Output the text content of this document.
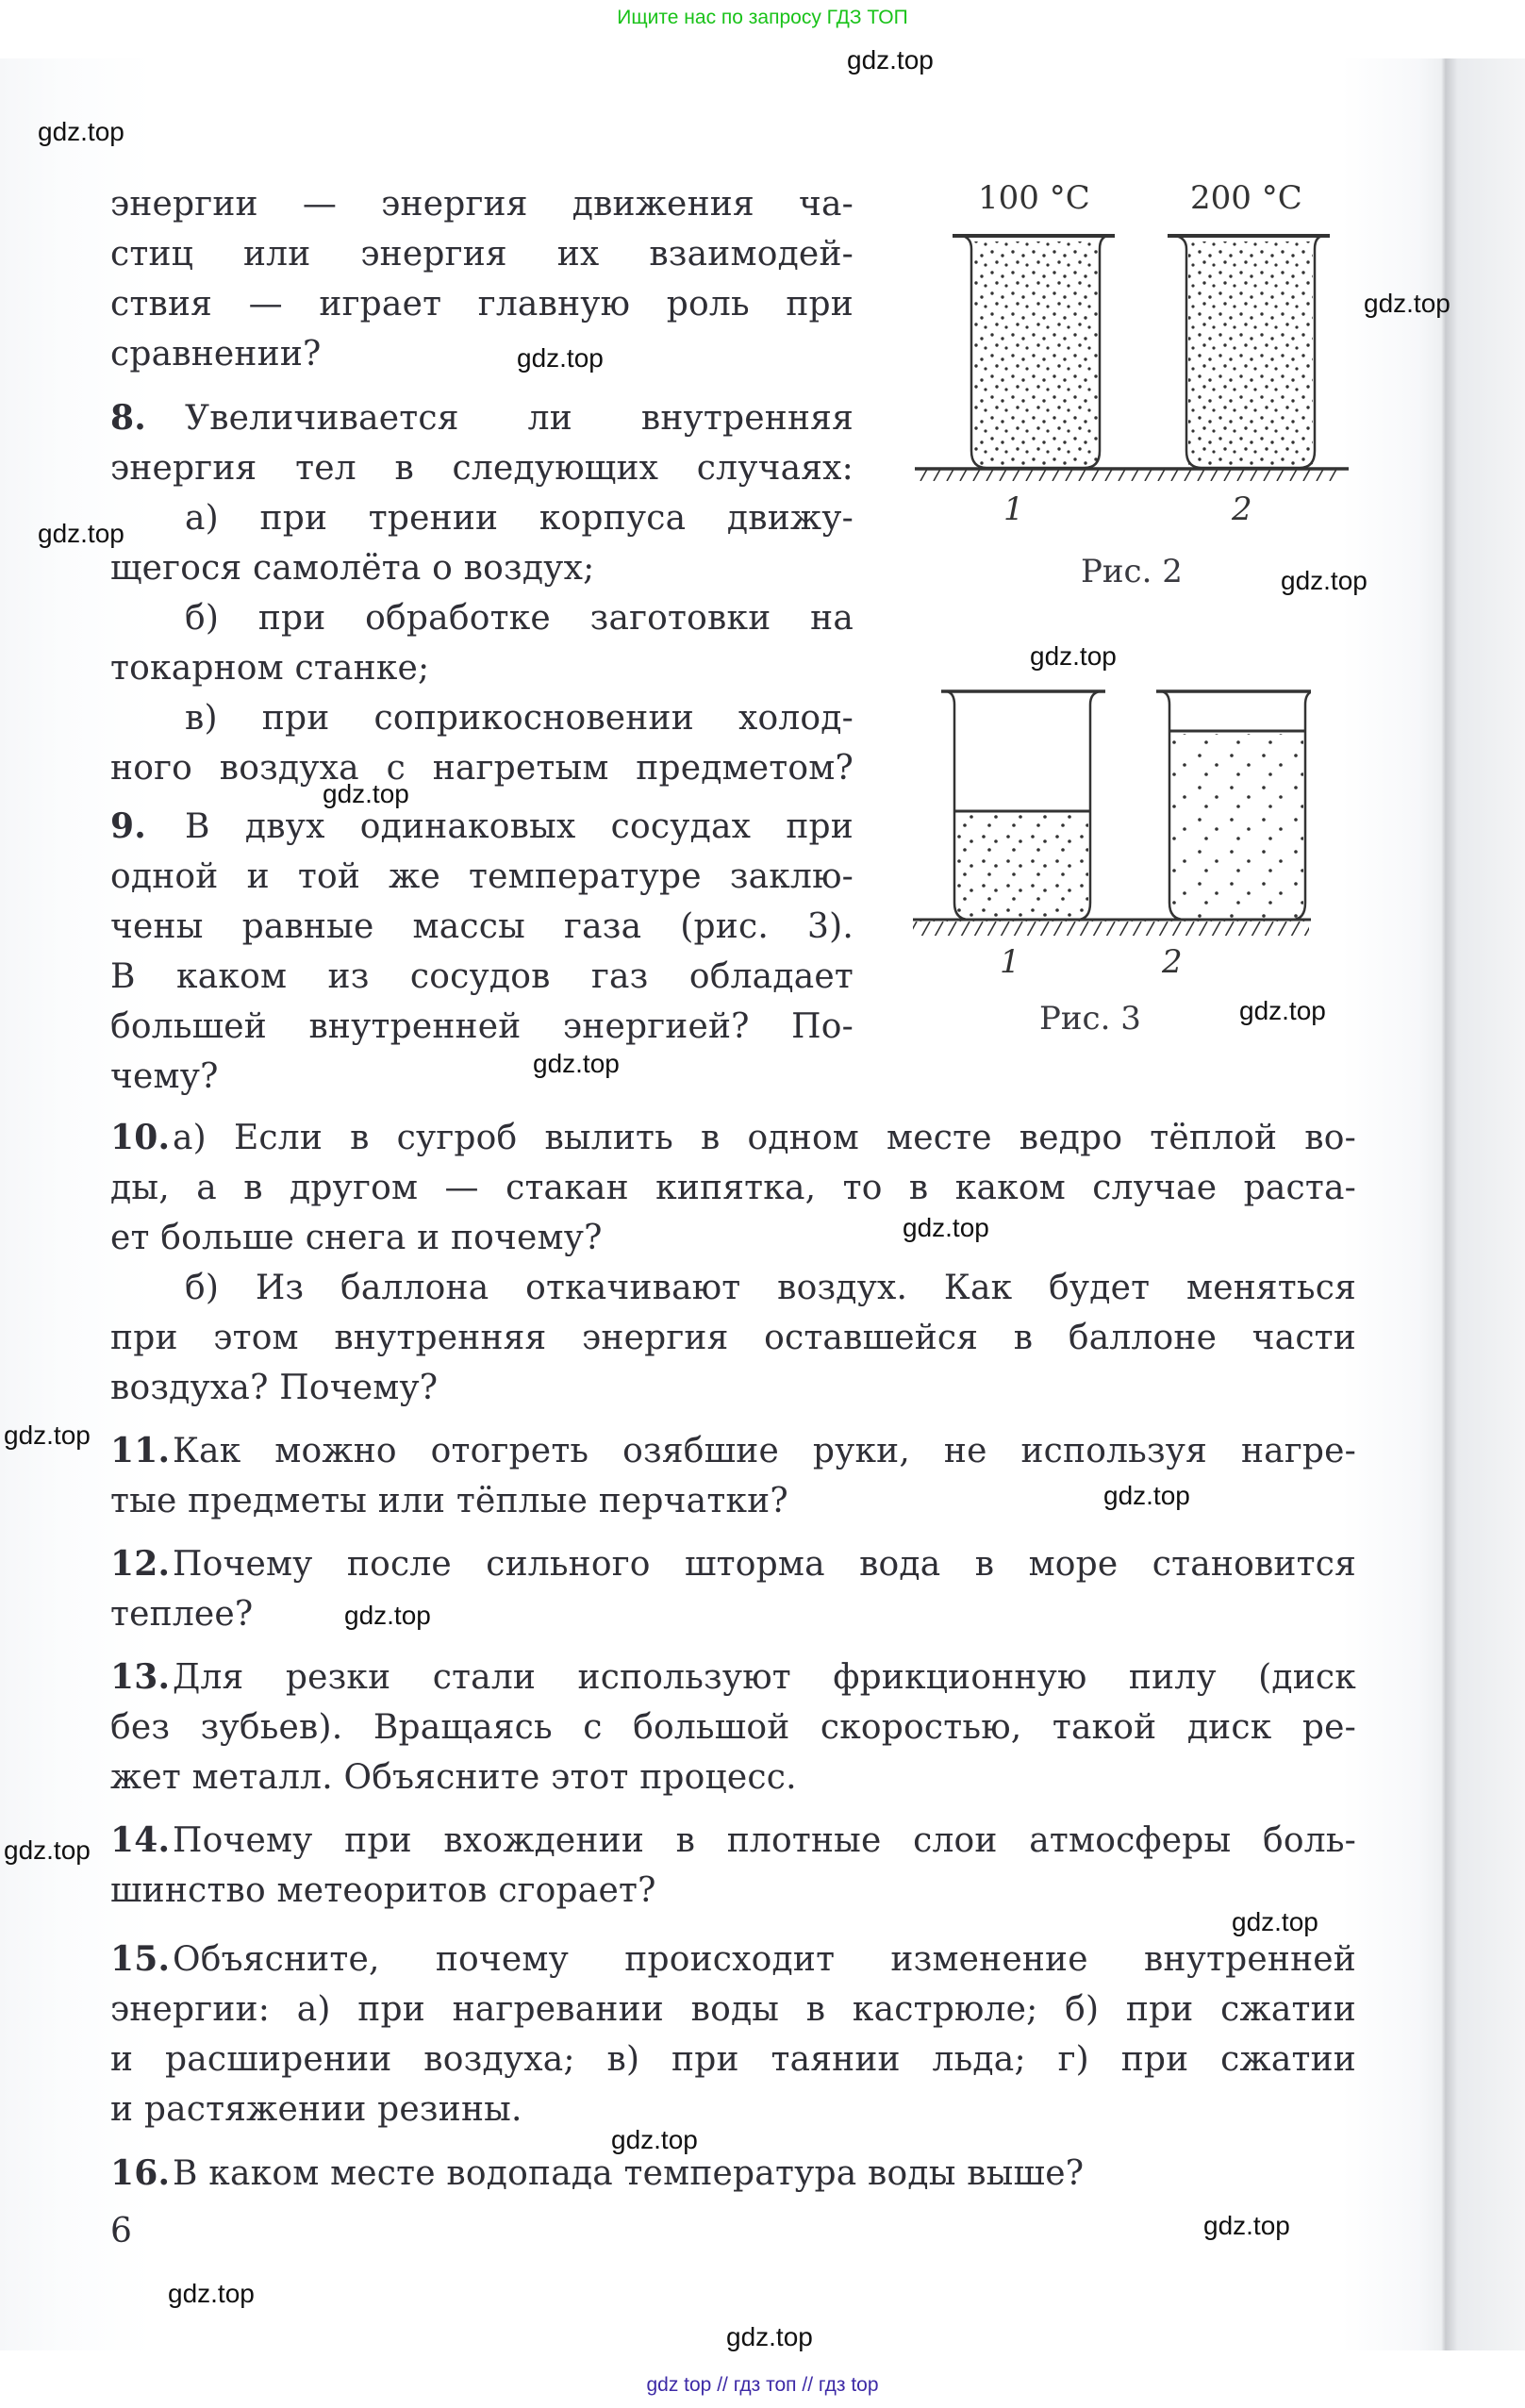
Ищите нас по запросу ГДЗ ТОП
gdz.top
gdz.top
gdz.top
gdz.top
gdz.top
gdz.top
gdz.top
gdz.top
gdz.top
gdz.top
gdz.top
gdz.top
gdz.top
gdz.top
gdz.top
gdz.top
gdz.top
gdz.top
gdz.top
gdz.top
энергии — энергия движения ча-
стиц или энергия их взаимодей-
ствия — играет главную роль при
сравнении?
8. Увеличивается ли внутренняя
энергия тел в следующих случаях:
а) при трении корпуса движу-
щегося самолёта о воздух;
б) при обработке заготовки на
токарном станке;
в) при соприкосновении холод-
ного воздуха с нагретым предметом?
9. В двух одинаковых сосудах при
одной и той же температуре заклю-
чены равные массы газа (рис. 3).
В каком из сосудов газ обладает
большей внутренней энергией? По-
чему?
10. а) Если в сугроб вылить в одном месте ведро тёплой во-
ды, а в другом — стакан кипятка, то в каком случае раста-
ет больше снега и почему?
б) Из баллона откачивают воздух. Как будет меняться
при этом внутренняя энергия оставшейся в баллоне части
воздуха? Почему?
11. Как можно отогреть озябшие руки, не используя нагре-
тые предметы или тёплые перчатки?
12. Почему после сильного шторма вода в море становится
теплее?
13. Для резки стали используют фрикционную пилу (диск
без зубьев). Вращаясь с большой скоростью, такой диск ре-
жет металл. Объясните этот процесс.
14. Почему при вхождении в плотные слои атмосферы боль-
шинство метеоритов сгорает?
15. Объясните, почему происходит изменение внутренней
энергии: а) при нагревании воды в кастрюле; б) при сжатии
и расширении воздуха; в) при таянии льда; г) при сжатии
и растяжении резины.
16. В каком месте водопада температура воды выше?
6
100 °C	200 °C
1	2
Рис. 2
1	2
Рис. 3
gdz top // гдз топ // гдз top
